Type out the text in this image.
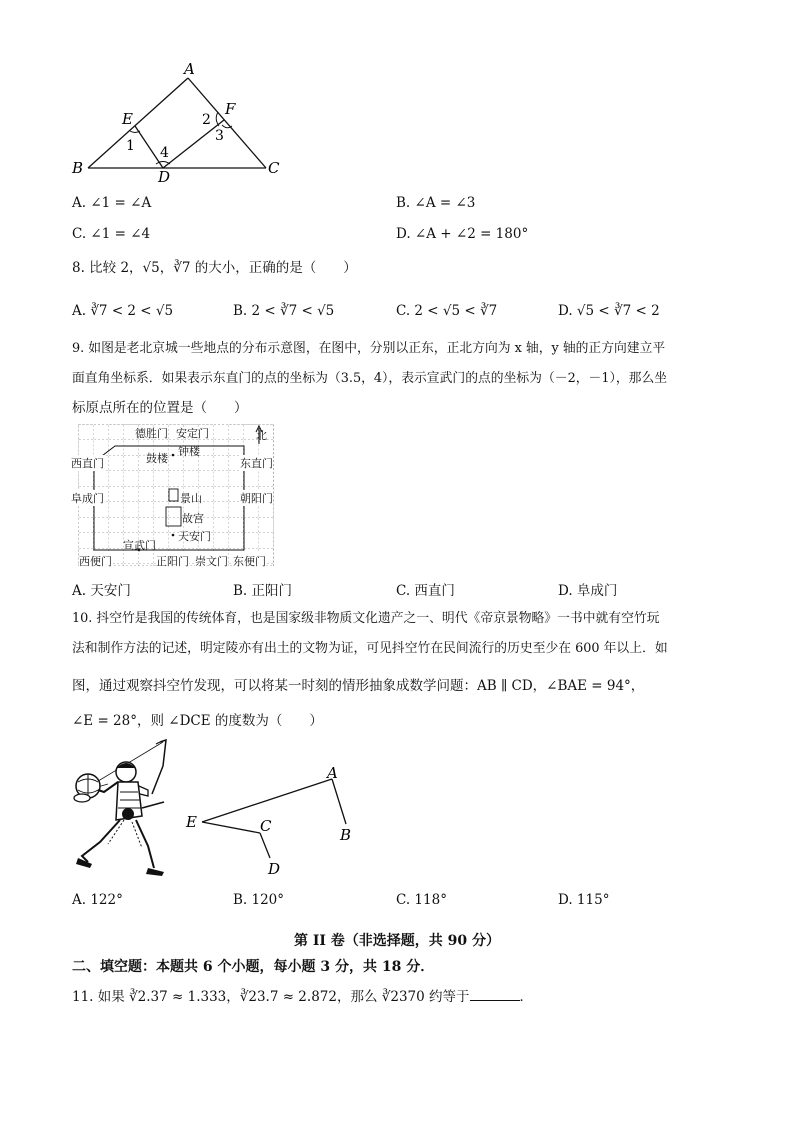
A
B	C
D
E
F
1
2
3
4
A. ∠1 = ∠A	B. ∠A = ∠3
C. ∠1 = ∠4	D. ∠A + ∠2 = 180°
8. 比较 2，√5，∛7 的大小，正确的是（　　）
A. ∛7 < 2 < √5	B. 2 < ∛7 < √5	C. 2 < √5 < ∛7	D. √5 < ∛7 < 2
9. 如图是老北京城一些地点的分布示意图，在图中，分别以正东，正北方向为 x 轴，y 轴的正方向建立平
面直角坐标系．如果表示东直门的点的坐标为（3.5，4），表示宣武门的点的坐标为（－2，－1），那么坐
标原点所在的位置是（　　）
北
德胜门 安定门
钟楼
鼓楼
西直门	东直门
阜成门	朝阳门
景山
故宫
天安门
宣武门
西便门	正阳门 崇文门 东便门
A. 天安门	B. 正阳门	C. 西直门	D. 阜成门
10. 抖空竹是我国的传统体育，也是国家级非物质文化遗产之一、明代《帝京景物略》一书中就有空竹玩
法和制作方法的记述，明定陵亦有出土的文物为证，可见抖空竹在民间流行的历史至少在 600 年以上．如
图，通过观察抖空竹发现，可以将某一时刻的情形抽象成数学问题：AB ∥ CD，∠BAE = 94°，
∠E = 28°，则 ∠DCE 的度数为（　　）
A
B
C
D
E
A. 122°	B. 120°	C. 118°	D. 115°
第 II 卷（非选择题，共 90 分）
二、填空题：本题共 6 个小题，每小题 3 分，共 18 分．
11. 如果 ∛2.37 ≈ 1.333，∛23.7 ≈ 2.872，那么 ∛2370 约等于	．
